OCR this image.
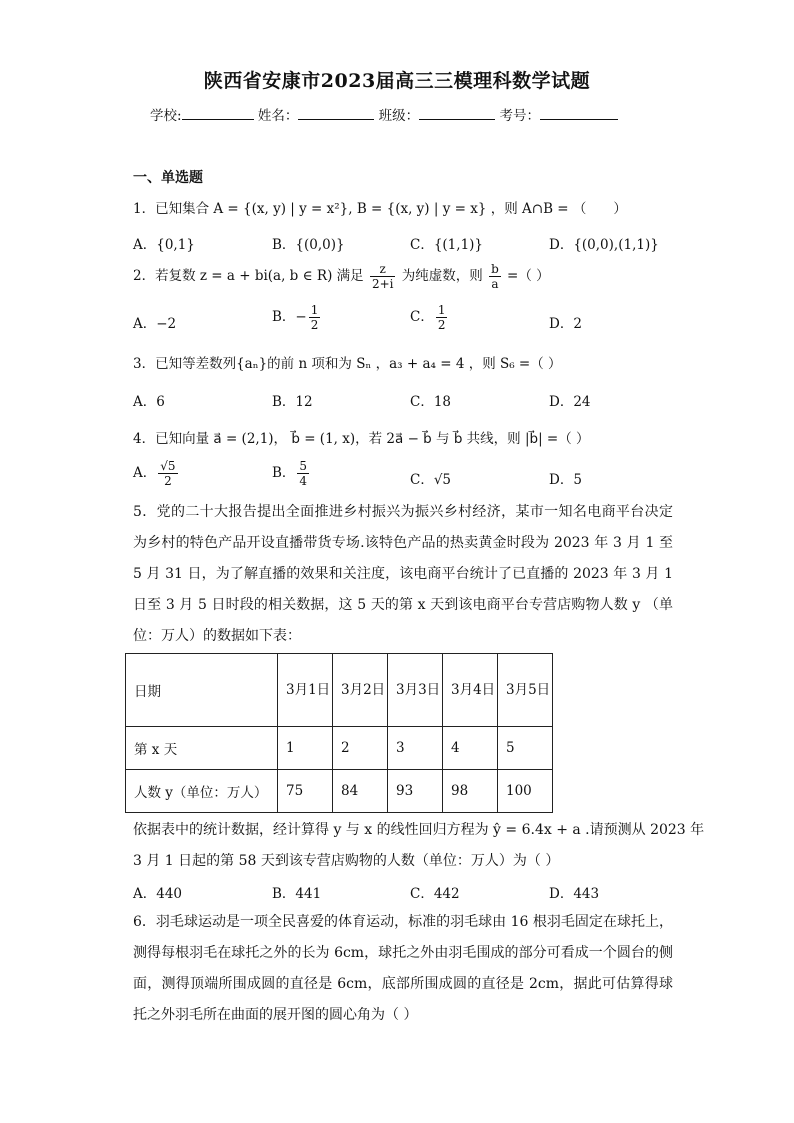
陕西省安康市2023届高三三模理科数学试题
学校:	姓名：	班级：	考号：
一、单选题
1．已知集合 A = {(x, y) | y = x²}, B = {(x, y) | y = x} ，则 A∩B = （　　）
A．{0,1}	B．{(0,0)}	C．{(1,1)}	D．{(0,0),(1,1)}
2．若复数 z = a + bi(a, b ∈ R) 满足 $\frac{z}{2+i}$ 为纯虚数，则 $\frac{b}{a}$ =（ ）
A．−2	B．− $\frac{1}{2}$	C． $\frac{1}{2}$	D．2
3．已知等差数列{aₙ}的前 n 项和为 Sₙ ，a₃ + a₄ = 4 ，则 S₆ =（ ）
A．6	B．12	C．18	D．24
4．已知向量 a⃗ = (2,1)， b⃗ = (1, x)，若 2a⃗ − b⃗ 与 b⃗ 共线，则 |b⃗| =（ ）
A． $\frac{√5}{2}$	B． $\frac{5}{4}$	C．√5	D．5
5．党的二十大报告提出全面推进乡村振兴为振兴乡村经济，某市一知名电商平台决定为乡村的特色产品开设直播带货专场.该特色产品的热卖黄金时段为 2023 年 3 月 1 至 5 月 31 日，为了解直播的效果和关注度，该电商平台统计了已直播的 2023 年 3 月 1 日至 3 月 5 日时段的相关数据，这 5 天的第 x 天到该电商平台专营店购物人数 y （单位：万人）的数据如下表：
日期	3月1日	3月2日	3月3日	3月4日	3月5日
第 x 天	1	2	3	4	5
人数 y（单位：万人）	75	84	93	98	100
依据表中的统计数据，经计算得 y 与 x 的线性回归方程为 ŷ = 6.4x + a .请预测从 2023 年
3 月 1 日起的第 58 天到该专营店购物的人数（单位：万人）为（ ）
A．440	B．441	C．442	D．443
6．羽毛球运动是一项全民喜爱的体育运动，标准的羽毛球由 16 根羽毛固定在球托上，测得每根羽毛在球托之外的长为 6cm，球托之外由羽毛围成的部分可看成一个圆台的侧面，测得顶端所围成圆的直径是 6cm，底部所围成圆的直径是 2cm，据此可估算得球托之外羽毛所在曲面的展开图的圆心角为（ ）
